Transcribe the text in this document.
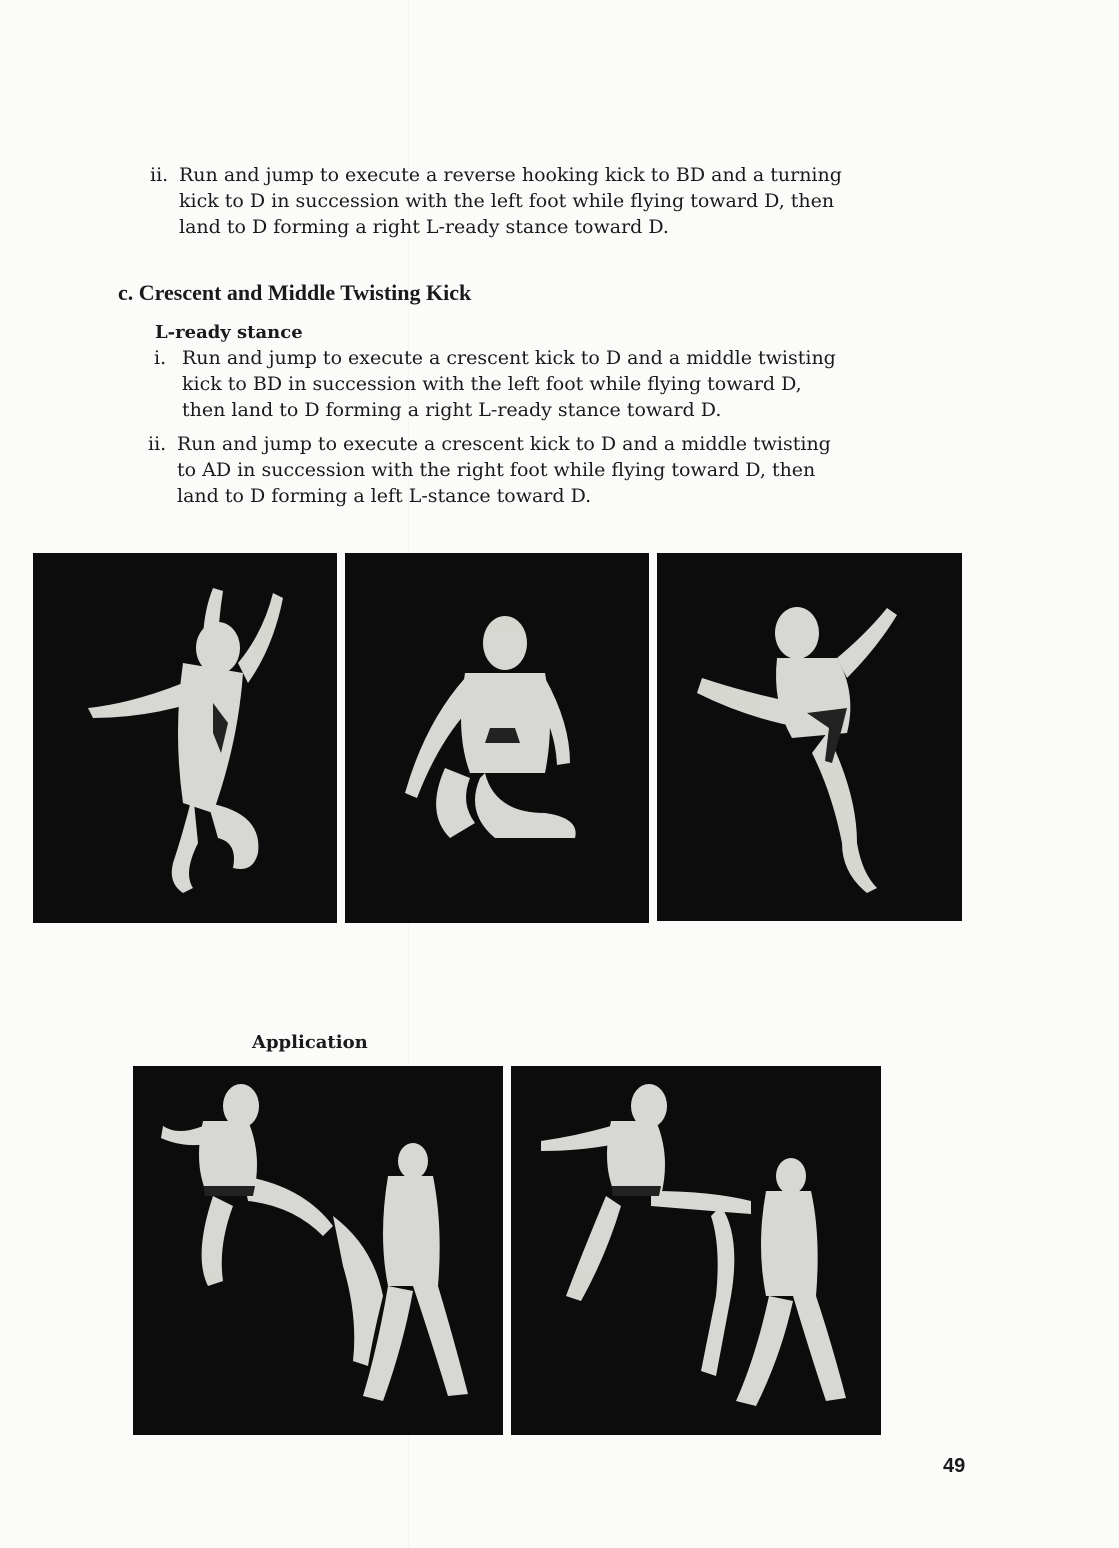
ii. Run and jump to execute a reverse hooking kick to BD and a turning
kick to D in succession with the left foot while flying toward D, then
land to D forming a right L-ready stance toward D.
c. Crescent and Middle Twisting Kick
L-ready stance
i. Run and jump to execute a crescent kick to D and a middle twisting
kick to BD in succession with the left foot while flying toward D,
then land to D forming a right L-ready stance toward D.
ii. Run and jump to execute a crescent kick to D and a middle twisting
to AD in succession with the right foot while flying toward D, then
land to D forming a left L-stance toward D.
Application
49
